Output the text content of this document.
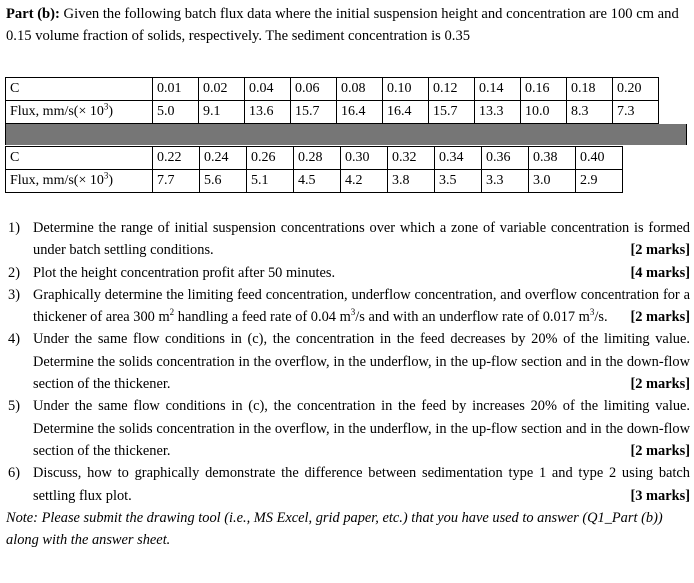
Part (b): Given the following batch flux data where the initial suspension height and concentration are 100 cm and 0.15 volume fraction of solids, respectively. The sediment concentration is 0.35
C	0.01	0.02	0.04	0.06	0.08	0.10	0.12	0.14	0.16	0.18	0.20
Flux, $mm/s(\times 10^3)$	5.0	9.1	13.6	15.7	16.4	16.4	15.7	13.3	10.0	8.3	7.3
C	0.22	0.24	0.26	0.28	0.30	0.32	0.34	0.36	0.38	0.40
Flux, $mm/s(\times 10^3)$	7.7	5.6	5.1	4.5	4.2	3.8	3.5	3.3	3.0	2.9
1) Determine the range of initial suspension concentrations over which a zone of variable concentration is formed under batch settling conditions.	[2 marks]
2) Plot the height concentration profit after 50 minutes.	[4 marks]
3) Graphically determine the limiting feed concentration, underflow concentration, and overflow concentration for a thickener of area 300 $m^2$ handling a feed rate of 0.04 $m^3/s$ and with an underflow rate of 0.017 $m^3/s$. [2 marks]
4) Under the same flow conditions in (c), the concentration in the feed decreases by 20% of the limiting value. Determine the solids concentration in the overflow, in the underflow, in the up-flow section and in the down-flow section of the thickener.	[2 marks]
5) Under the same flow conditions in (c), the concentration in the feed by increases 20% of the limiting value. Determine the solids concentration in the overflow, in the underflow, in the up-flow section and in the down-flow section of the thickener.	[2 marks]
6) Discuss, how to graphically demonstrate the difference between sedimentation type 1 and type 2 using batch settling flux plot.	[3 marks]
Note: Please submit the drawing tool (i.e., MS Excel, grid paper, etc.) that you have used to answer (Q1_Part (b)) along with the answer sheet.
